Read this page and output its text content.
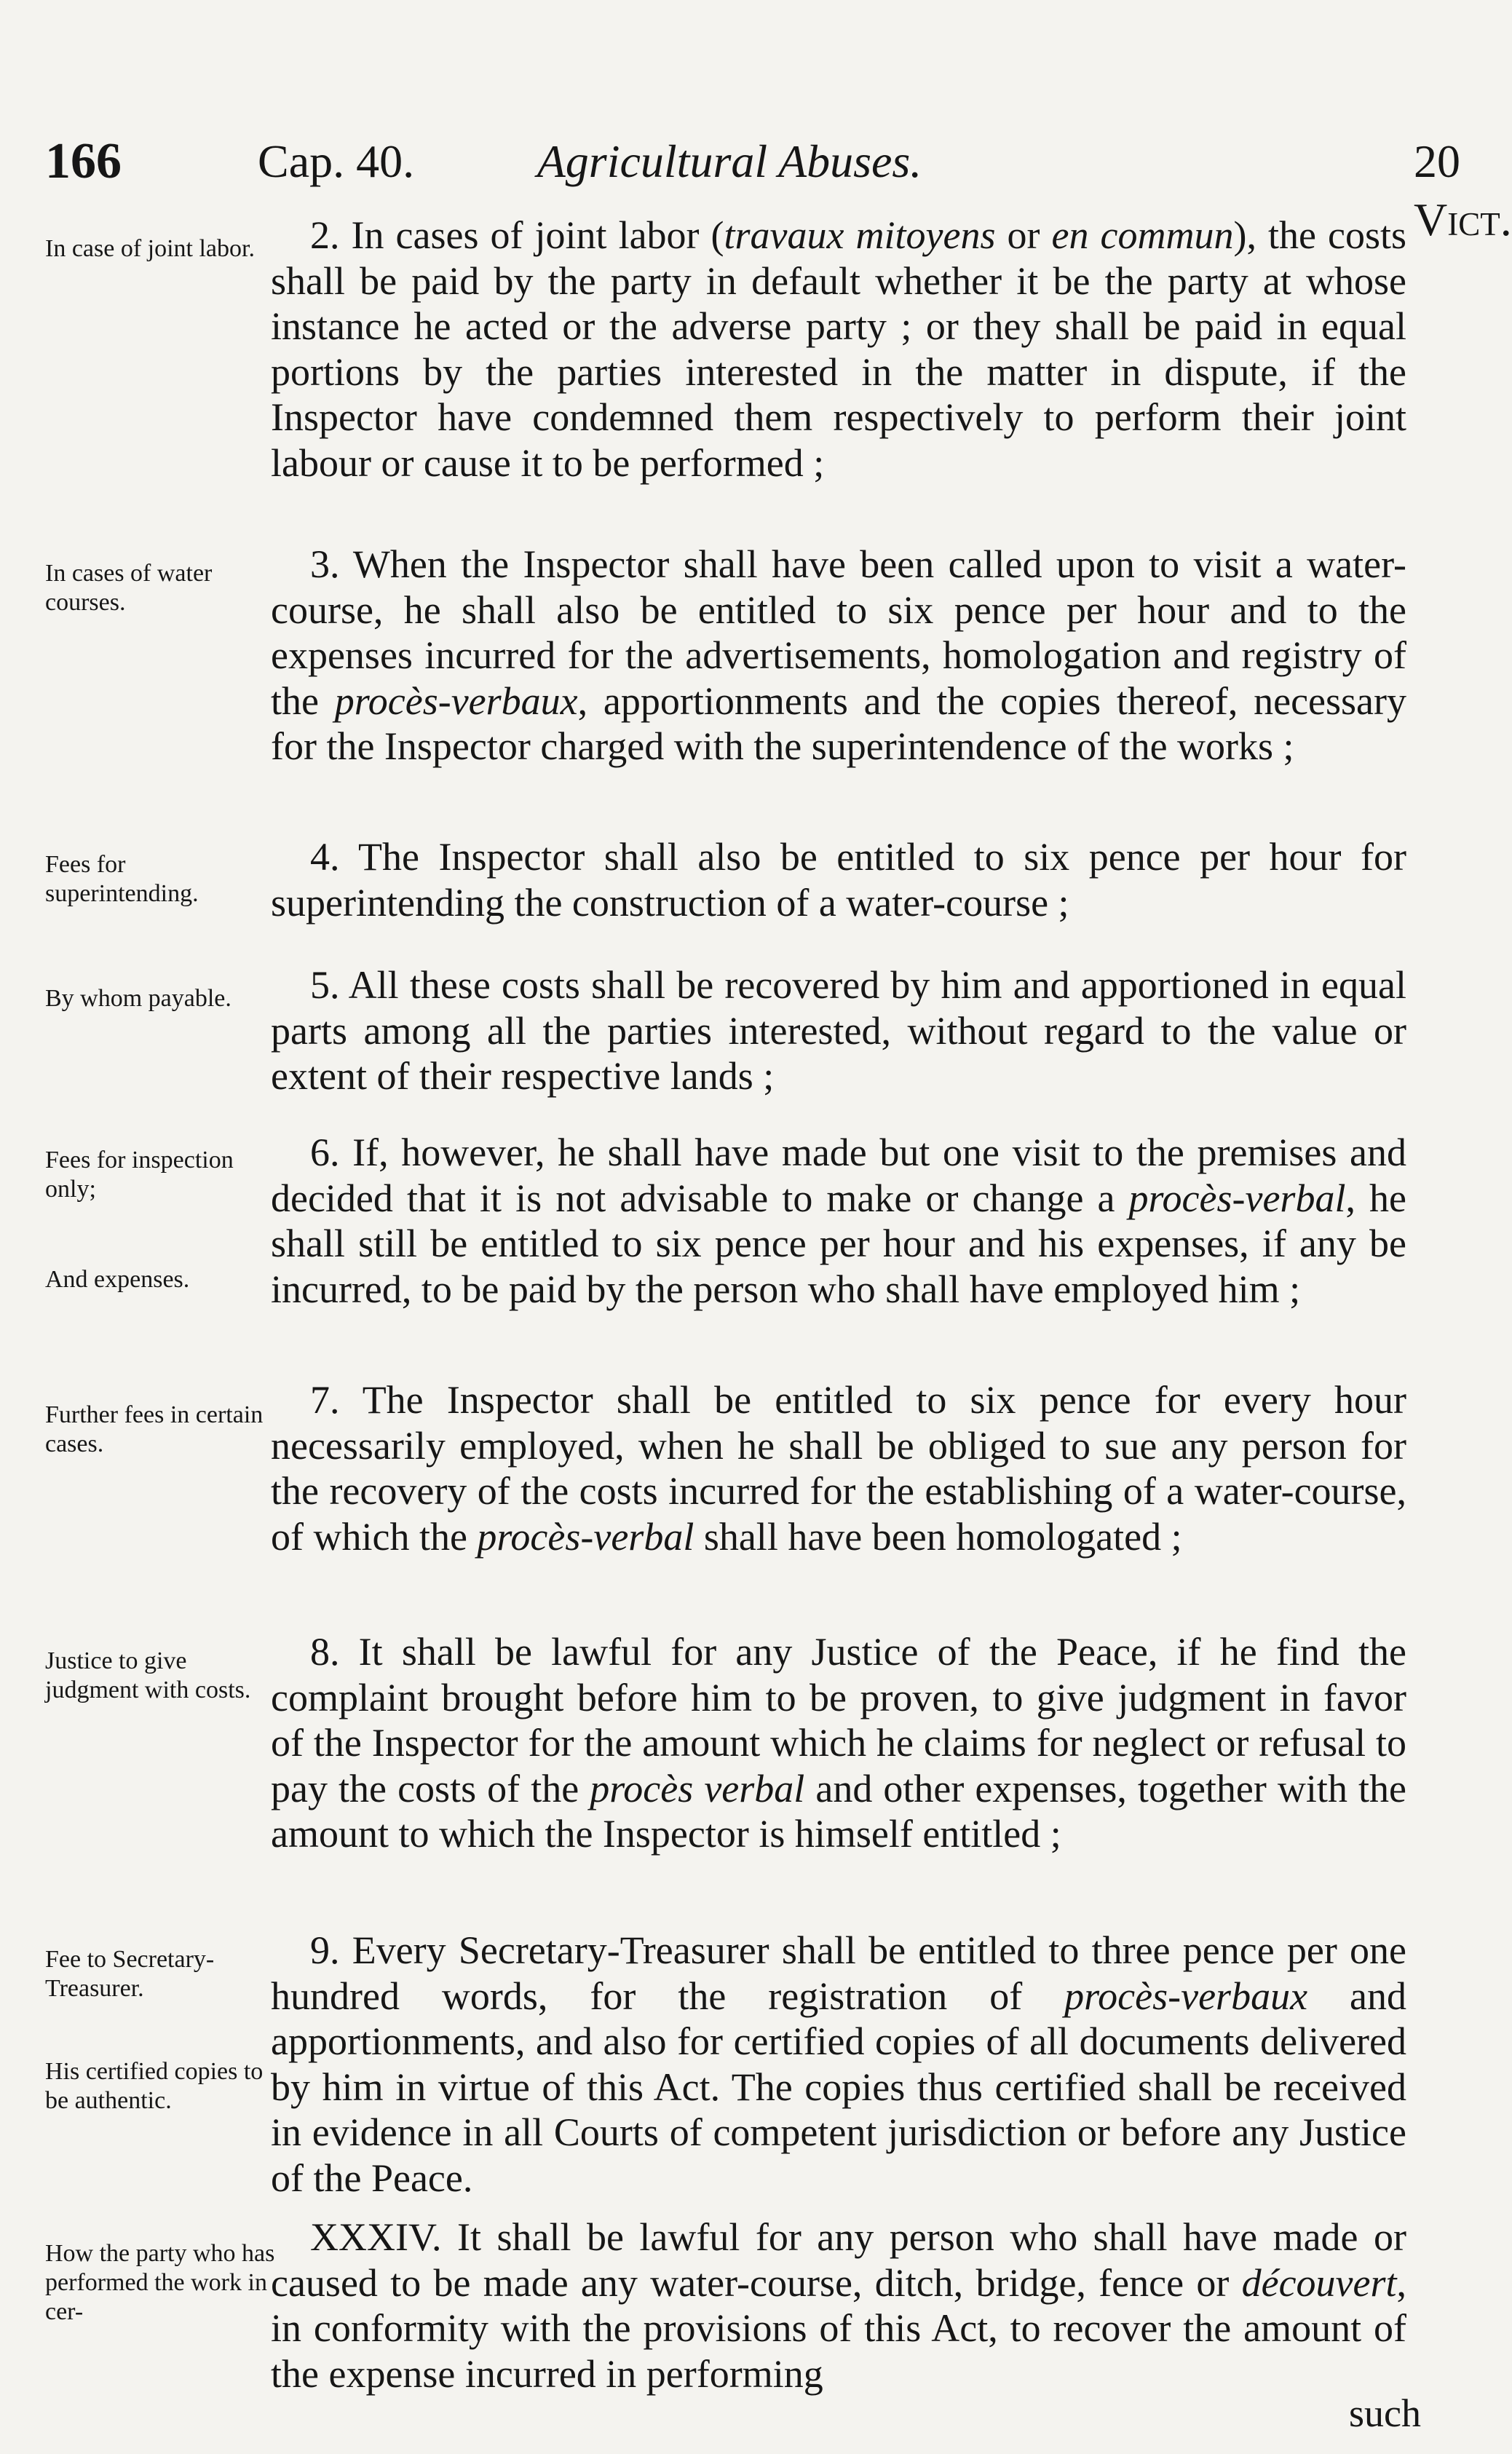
Agricultural Abuses.
166	Cap. 40.	20 Vict.

In case of joint labor.	2. In cases of joint labor (travaux mitoyens or en commun), the costs shall be paid by the party in default whether it be the party at whose instance he acted or the adverse party ; or they shall be paid in equal portions by the parties interested in the matter in dispute, if the Inspector have condemned them respectively to perform their joint labour or cause it to be performed ;

In cases of water courses.

3. When the Inspector shall have been called upon to visit a water-course, he shall also be entitled to six pence per hour and to the expenses incurred for the advertisements, homologation and registry of the procès-verbaux, apportionments and the copies thereof, necessary for the Inspector charged with the superintendence of the works ;

Fees for superintending.

4. The Inspector shall also be entitled to six pence per hour for superintending the construction of a water-course ;

By whom payable.	5. All these costs shall be recovered by him and apportioned in equal parts among all the parties interested, without regard to the value or extent of their respective lands ;

Fees for inspection only;

And expenses.

6. If, however, he shall have made but one visit to the premises and decided that it is not advisable to make or change a procès-verbal, he shall still be entitled to six pence per hour and his expenses, if any be incurred, to be paid by the person who shall have employed him ;

Further fees in certain cases.

7. The Inspector shall be entitled to six pence for every hour necessarily employed, when he shall be obliged to sue any person for the recovery of the costs incurred for the establishing of a water-course, of which the procès-verbal shall have been homologated ;

Justice to give judgment with costs.

8. It shall be lawful for any Justice of the Peace, if he find the complaint brought before him to be proven, to give judgment in favor of the Inspector for the amount which he claims for neglect or refusal to pay the costs of the procès verbal and other expenses, together with the amount to which the Inspector is himself entitled ;

Fee to Secretary-Treasurer.

His certified copies to be authentic.

9. Every Secretary-Treasurer shall be entitled to three pence per one hundred words, for the registration of procès-verbaux and apportionments, and also for certified copies of all documents delivered by him in virtue of this Act. The copies thus certified shall be received in evidence in all Courts of competent jurisdiction or before any Justice of the Peace.

How the party who has performed the work in cer-

XXXIV. It shall be lawful for any person who shall have made or caused to be made any water-course, ditch, bridge, fence or découvert, in conformity with the provisions of this Act, to recover the amount of the expense incurred in performing

such
